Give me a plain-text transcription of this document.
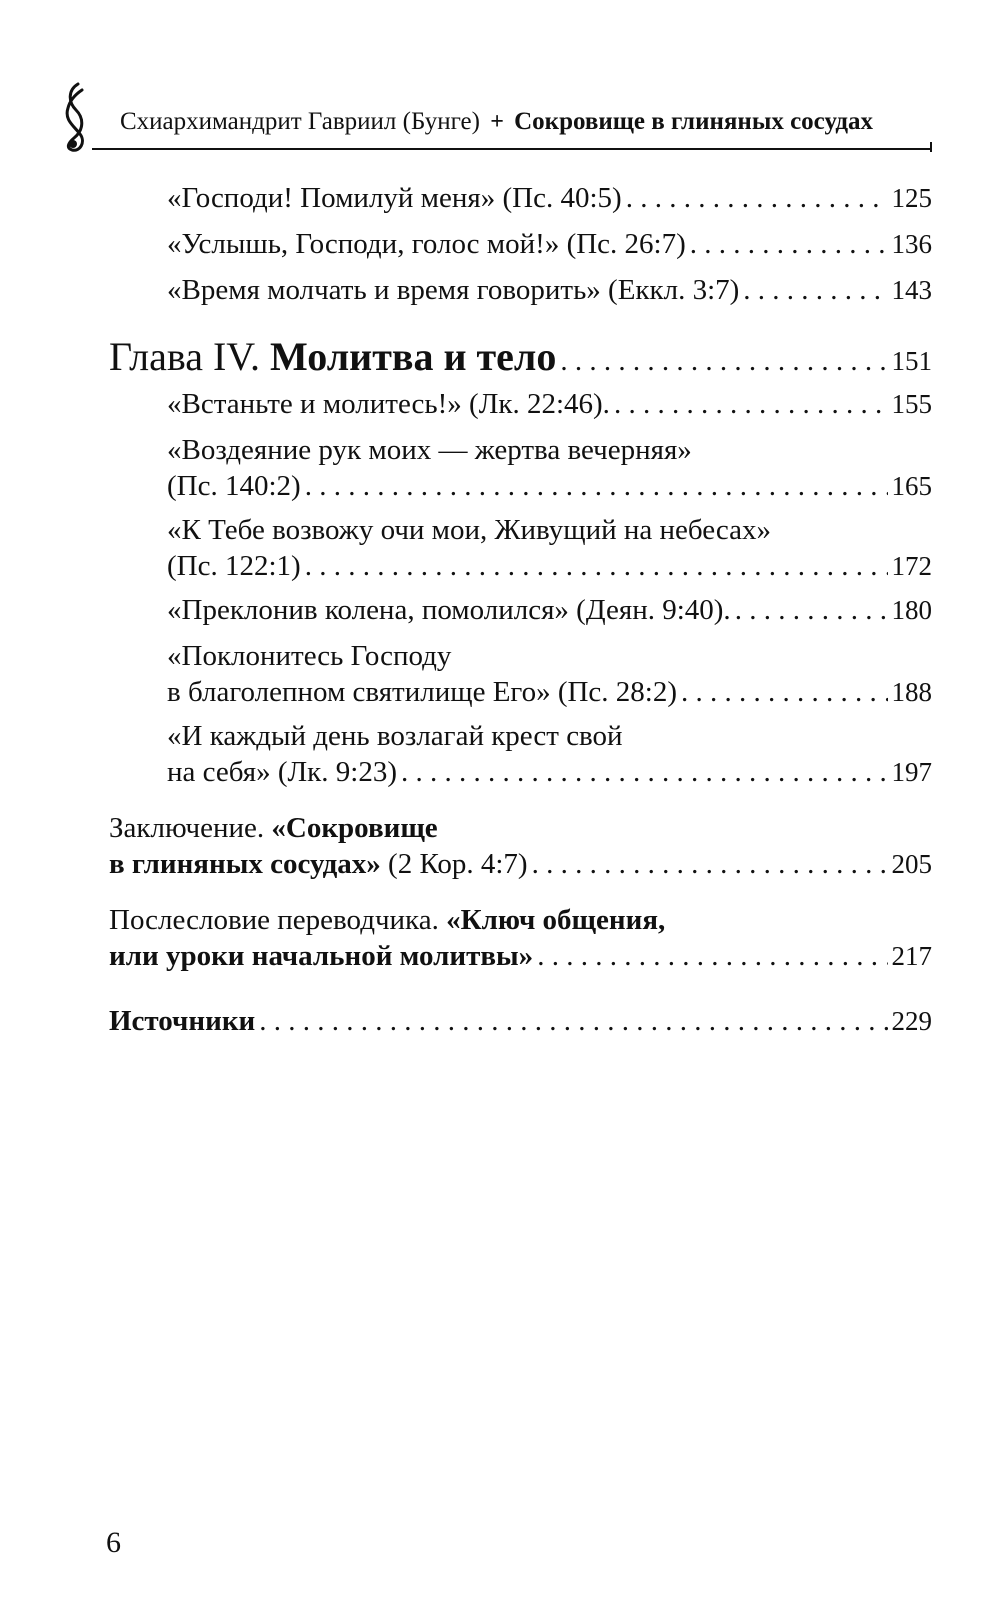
Схиархимандрит Гавриил (Бунге) + Сокровище в глиняных сосудах
«Господи! Помилуй меня» (Пс. 40:5) . . .	125
«Услышь, Господи, голос мой!» (Пс. 26:7) . . .	136
«Время молчать и время говорить» (Еккл. 3:7) . . .	143
Глава IV.
Молитва и тело . . .	151
«Встаньте и молитесь!» (Лк. 22:46). . . .	155
«Воздеяние рук моих — жертва вечерняя»
(Пс. 140:2) . . .	165
«К Тебе возвожу очи мои, Живущий на небесах»
(Пс. 122:1) . . .	172
«Преклонив колена, помолился» (Деян. 9:40). . . .	180
«Поклонитесь Господу
в благолепном святилище Его» (Пс. 28:2) . . .	188
«И каждый день возлагай крест свой
на себя» (Лк. 9:23) . . .	197
Заключение. «Сокровище
в глиняных сосудах»
(2 Кор. 4:7) . . .	205
Послесловие переводчика. «Ключ общения,
или уроки начальной молитвы» . . .	217
Источники . . .	229
6
